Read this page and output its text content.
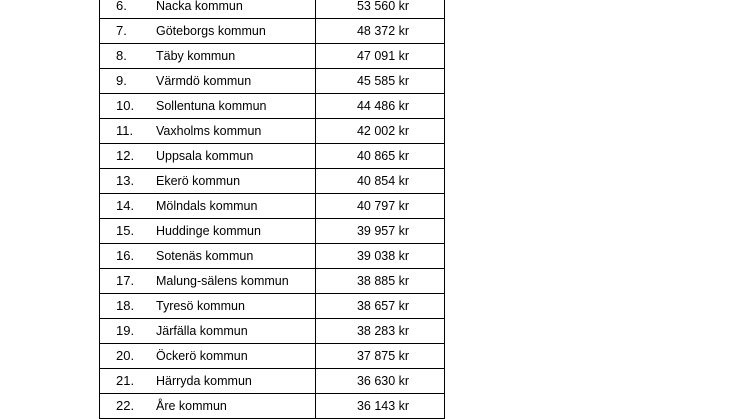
6.	Nacka kommun	53 560 kr
7.	Göteborgs kommun	48 372 kr
8.	Täby kommun	47 091 kr
9.	Värmdö kommun	45 585 kr
10.	Sollentuna kommun	44 486 kr
11.	Vaxholms kommun	42 002 kr
12.	Uppsala kommun	40 865 kr
13.	Ekerö kommun	40 854 kr
14.	Mölndals kommun	40 797 kr
15.	Huddinge kommun	39 957 kr
16.	Sotenäs kommun	39 038 kr
17.	Malung-sälens kommun	38 885 kr
18.	Tyresö kommun	38 657 kr
19.	Järfälla kommun	38 283 kr
20.	Öckerö kommun	37 875 kr
21.	Härryda kommun	36 630 kr
22.	Åre kommun	36 143 kr
